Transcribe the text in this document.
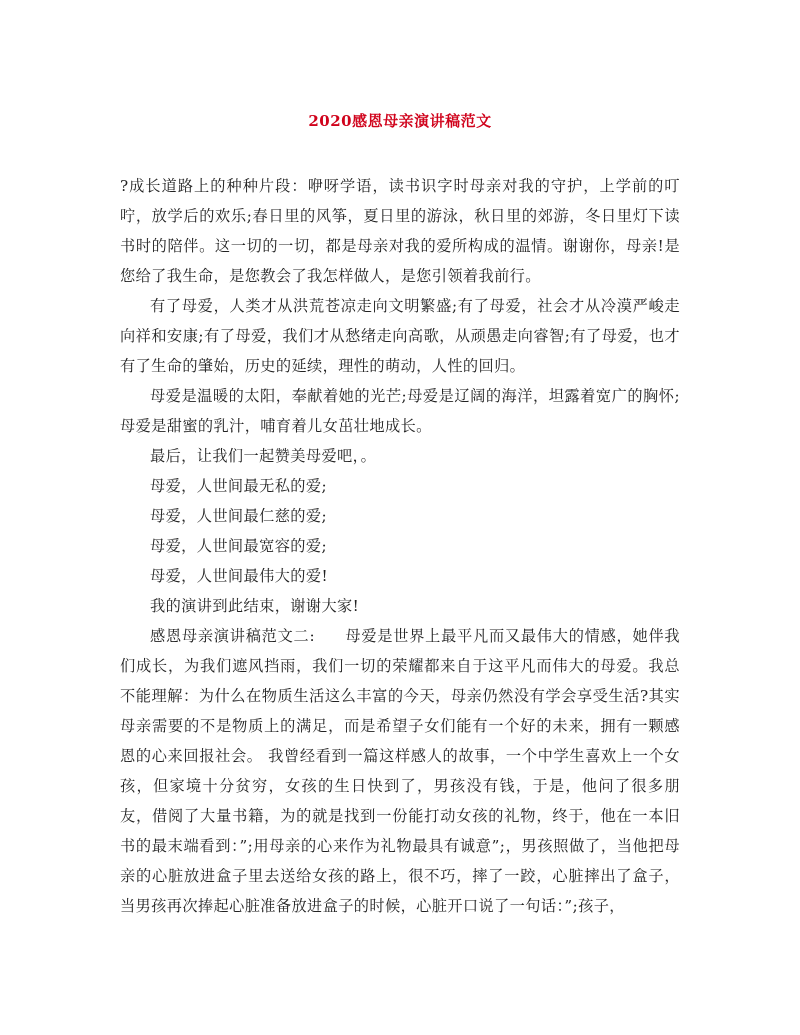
2020感恩母亲演讲稿范文

?成长道路上的种种片段：咿呀学语，读书识字时母亲对我的守护，上学前的叮咛，放学后的欢乐;春日里的风筝，夏日里的游泳，秋日里的郊游，冬日里灯下读书时的陪伴。这一切的一切，都是母亲对我的爱所构成的温情。谢谢你，母亲!是您给了我生命，是您教会了我怎样做人，是您引领着我前行。

有了母爱，人类才从洪荒苍凉走向文明繁盛;有了母爱，社会才从冷漠严峻走向祥和安康;有了母爱，我们才从愁绪走向高歌，从顽愚走向睿智;有了母爱，也才有了生命的肇始，历史的延续，理性的萌动，人性的回归。

母爱是温暖的太阳，奉献着她的光芒;母爱是辽阔的海洋，坦露着宽广的胸怀;母爱是甜蜜的乳汁，哺育着儿女茁壮地成长。

最后，让我们一起赞美母爱吧，。

母爱，人世间最无私的爱;

母爱，人世间最仁慈的爱;

母爱，人世间最宽容的爱;

母爱，人世间最伟大的爱!

我的演讲到此结束，谢谢大家!

感恩母亲演讲稿范文二: 母爱是世界上最平凡而又最伟大的情感，她伴我们成长，为我们遮风挡雨，我们一切的荣耀都来自于这平凡而伟大的母爱。我总不能理解：为什么在物质生活这么丰富的今天，母亲仍然没有学会享受生活?其实母亲需要的不是物质上的满足，而是希望子女们能有一个好的未来，拥有一颗感恩的心来回报社会。 我曾经看到一篇这样感人的故事，一个中学生喜欢上一个女孩，但家境十分贫穷，女孩的生日快到了，男孩没有钱，于是，他问了很多朋友，借阅了大量书籍，为的就是找到一份能打动女孩的礼物，终于，他在一本旧书的最末端看到：”;用母亲的心来作为礼物最具有诚意”;，男孩照做了，当他把母亲的心脏放进盒子里去送给女孩的路上，很不巧，摔了一跤，心脏摔出了盒子，当男孩再次捧起心脏准备放进盒子的时候，心脏开口说了一句话：”;孩子，
